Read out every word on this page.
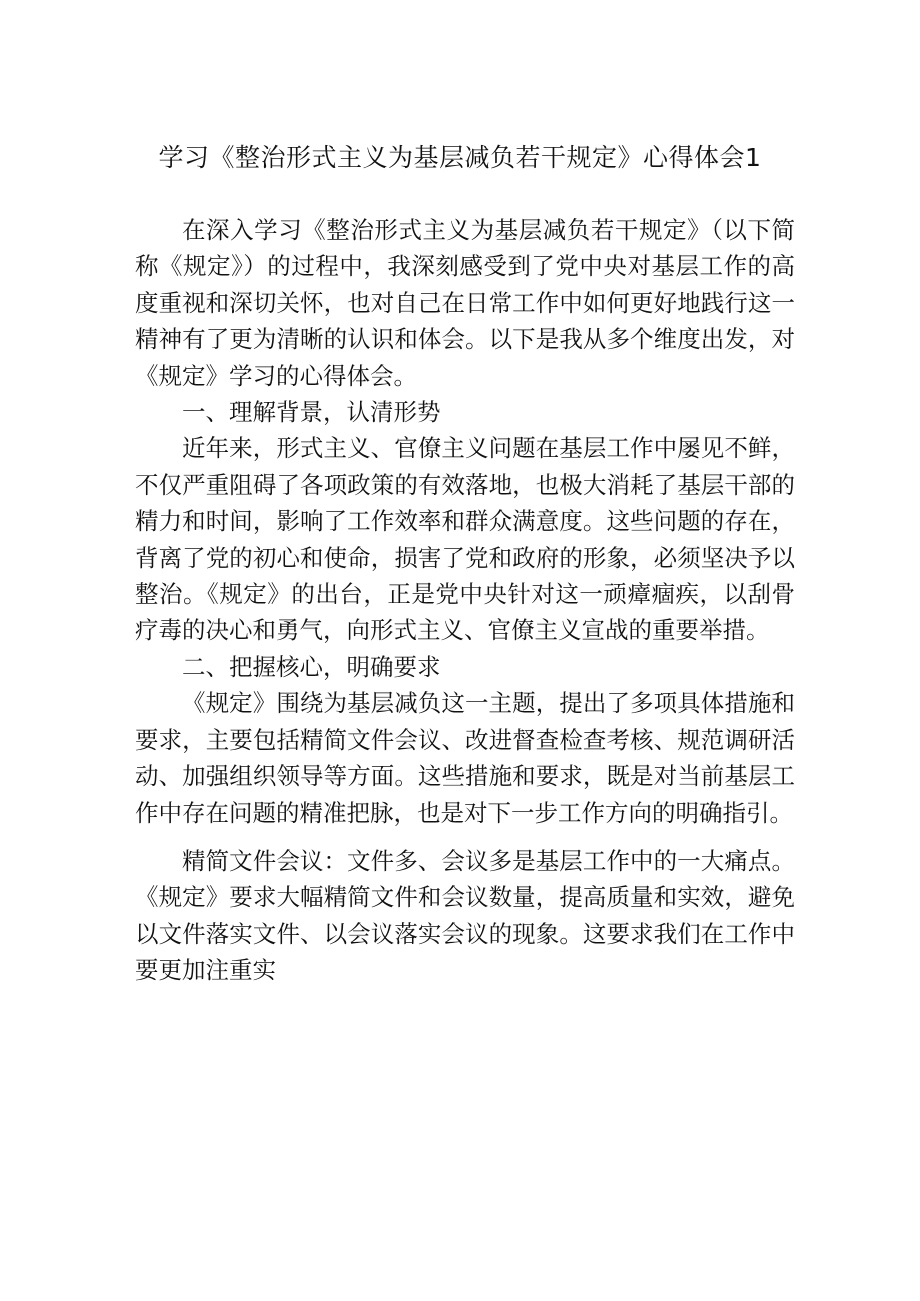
学习《整治形式主义为基层减负若干规定》心得体会1

在深入学习《整治形式主义为基层减负若干规定》（以下简称《规定》）的过程中，我深刻感受到了党中央对基层工作的高度重视和深切关怀，也对自己在日常工作中如何更好地践行这一精神有了更为清晰的认识和体会。以下是我从多个维度出发，对《规定》学习的心得体会。

一、理解背景，认清形势

近年来，形式主义、官僚主义问题在基层工作中屡见不鲜，不仅严重阻碍了各项政策的有效落地，也极大消耗了基层干部的精力和时间，影响了工作效率和群众满意度。这些问题的存在，背离了党的初心和使命，损害了党和政府的形象，必须坚决予以整治。《规定》的出台，正是党中央针对这一顽瘴痼疾，以刮骨疗毒的决心和勇气，向形式主义、官僚主义宣战的重要举措。

二、把握核心，明确要求

《规定》围绕为基层减负这一主题，提出了多项具体措施和要求，主要包括精简文件会议、改进督查检查考核、规范调研活动、加强组织领导等方面。这些措施和要求，既是对当前基层工作中存在问题的精准把脉，也是对下一步工作方向的明确指引。

精简文件会议：文件多、会议多是基层工作中的一大痛点。《规定》要求大幅精简文件和会议数量，提高质量和实效，避免以文件落实文件、以会议落实会议的现象。这要求我们在工作中要更加注重实
